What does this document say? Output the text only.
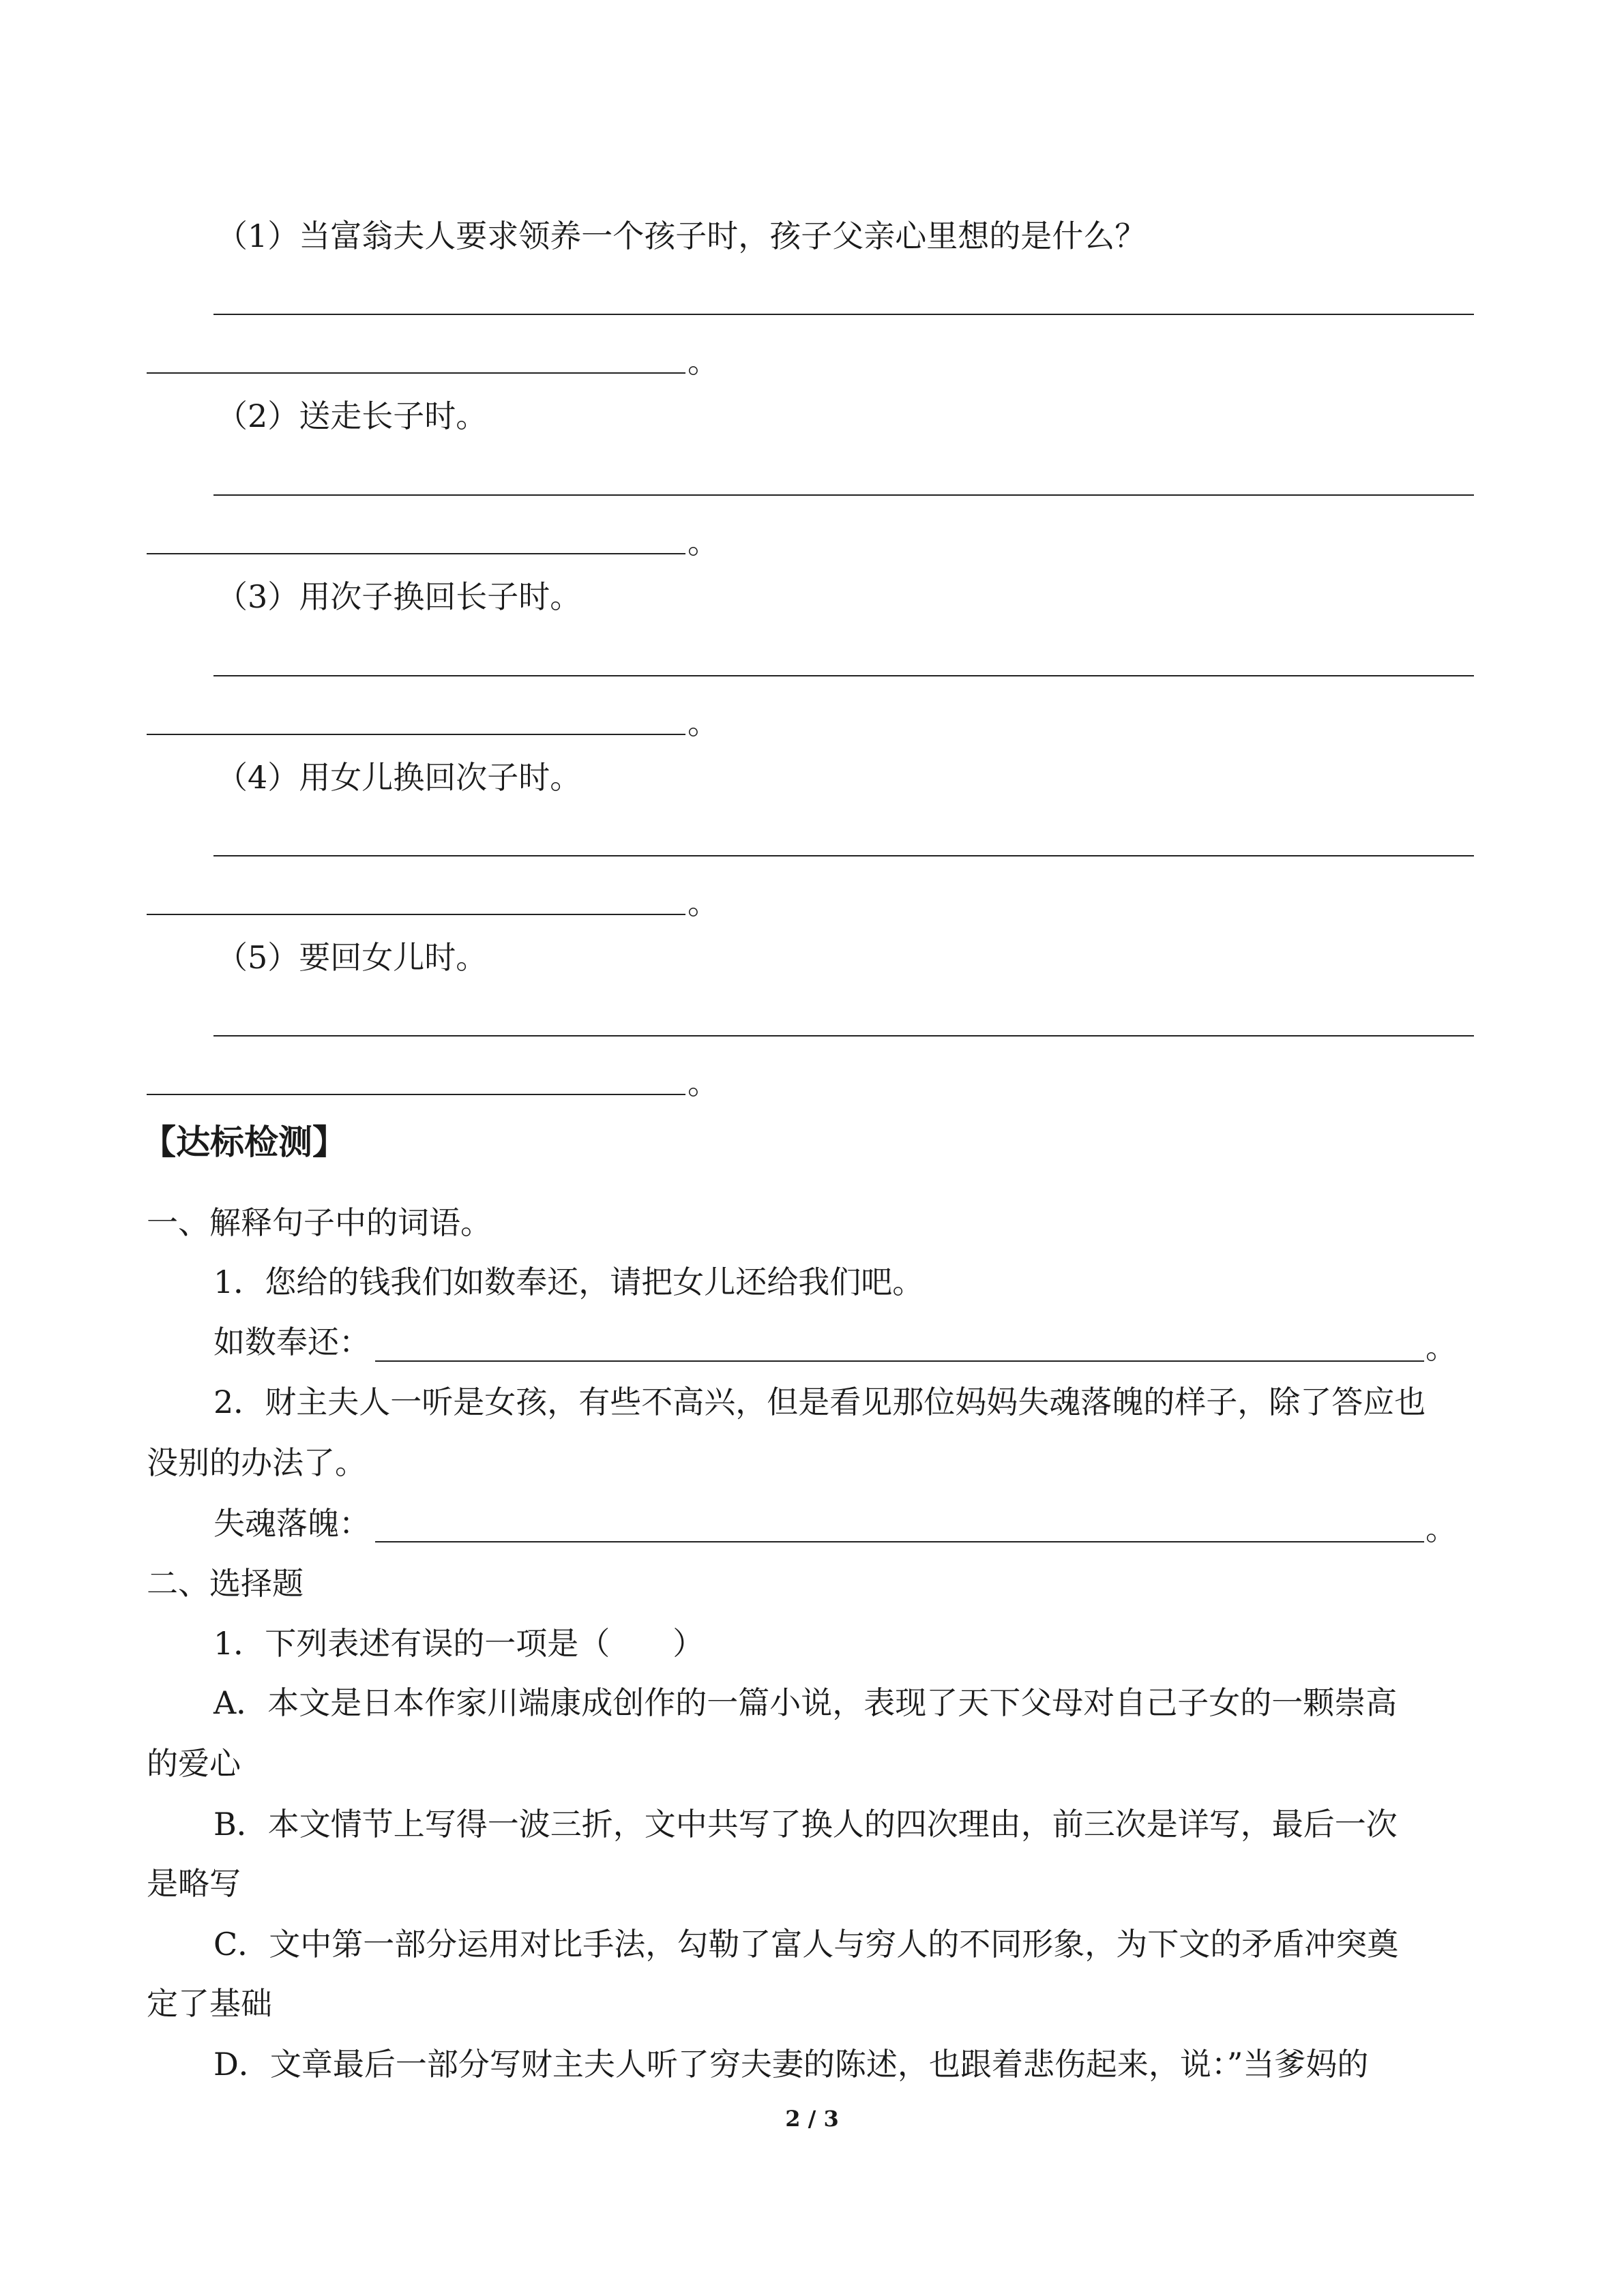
（1）当富翁夫人要求领养一个孩子时，孩子父亲心里想的是什么？
。
（2）送走长子时。
。
（3）用次子换回长子时。
。
（4）用女儿换回次子时。
。
（5）要回女儿时。
。
【达标检测】
一、解释句子中的词语。
1．您给的钱我们如数奉还，请把女儿还给我们吧。
如数奉还：	。
2．财主夫人一听是女孩，有些不高兴，但是看见那位妈妈失魂落魄的样子，除了答应也
没别的办法了。
失魂落魄：	。
二、选择题
1．下列表述有误的一项是（　　）
A．本文是日本作家川端康成创作的一篇小说，表现了天下父母对自己子女的一颗崇高
的爱心
B．本文情节上写得一波三折，文中共写了换人的四次理由，前三次是详写，最后一次
是略写
C．文中第一部分运用对比手法，勾勒了富人与穷人的不同形象，为下文的矛盾冲突奠
定了基础
D．文章最后一部分写财主夫人听了穷夫妻的陈述，也跟着悲伤起来，说：”当爹妈的
2 / 3
